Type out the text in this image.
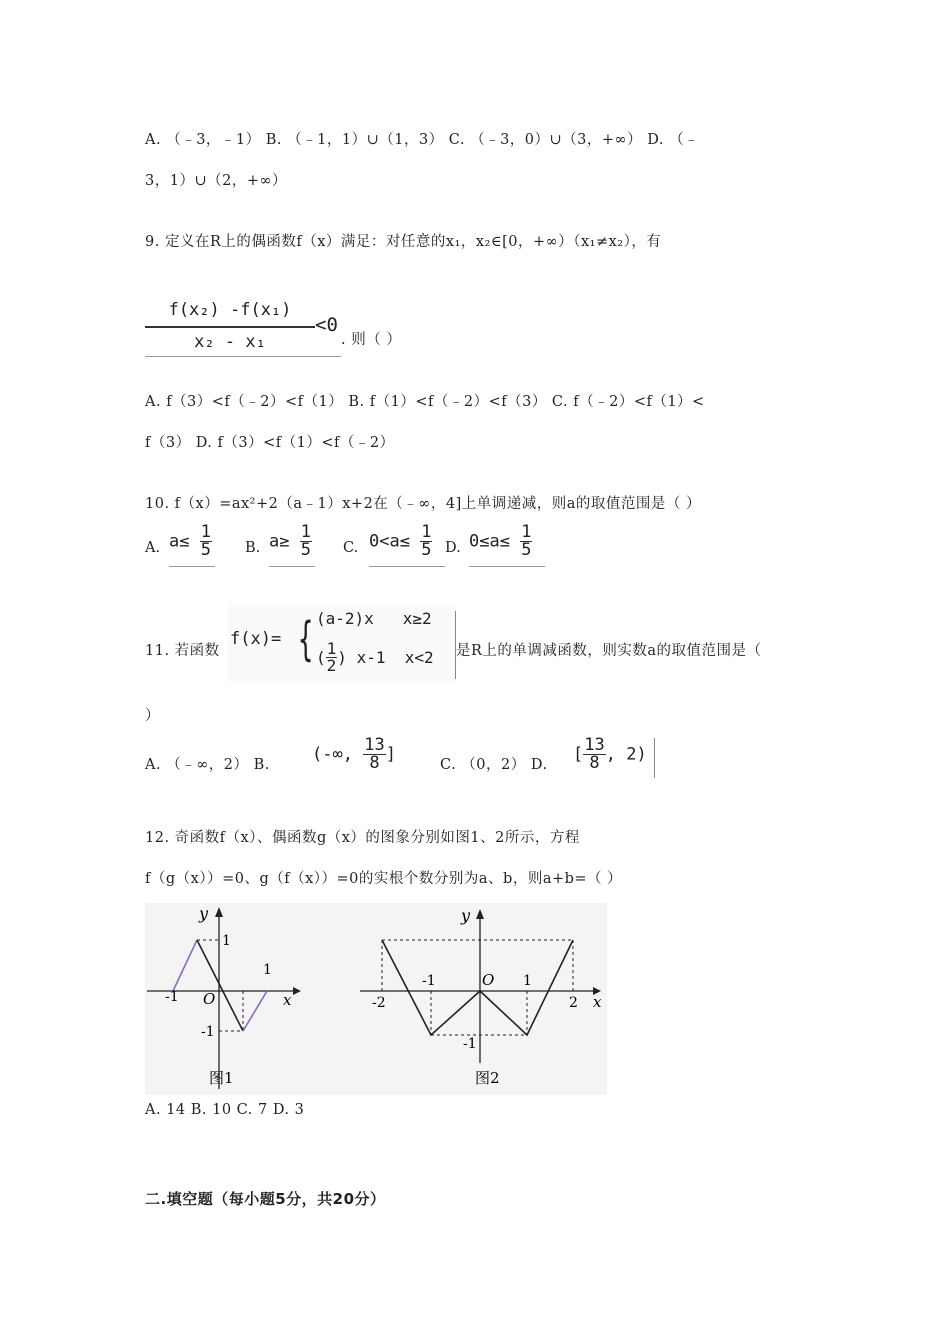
A. （﹣3，﹣1） B. （﹣1，1）∪（1，3） C. （﹣3，0）∪（3，+∞） D. （﹣
3，1）∪（2，+∞）
9. 定义在R上的偶函数f（x）满足：对任意的x₁，x₂∈[0，+∞）（x₁≠x₂），有
f(x₂) -f(x₁)
x₂ - x₁
<0
. 则（ ）
A. f（3）<f（﹣2）<f（1） B. f（1）<f（﹣2）<f（3） C. f（﹣2）<f（1）<
f（3） D. f（3）<f（1）<f（﹣2）
10. f（x）=ax²+2（a﹣1）x+2在（﹣∞，4]上单调递减，则a的取值范围是（ ）
A. $a\le \frac{1}{5} B$. $a\ge \frac{1}{5} C$. $0<a\le \frac{1}{5} D$. $0\le a\le \frac{1}{5}$
11. 若函数
f(x)= { (a-2)x   x≥2
( $\frac{1}{2}$ ) x-1  x<2 是R上的单调减函数，则实数a的取值范围是（
）
A. （﹣∞，2） B.
(-∞, $\frac{13}{8}$ ]
C. （0，2） D.
[ $\frac{13}{8}$ , 2)
12. 奇函数f（x）、偶函数g（x）的图象分别如图1、2所示，方程
f（g（x））=0、g（f（x））=0的实根个数分别为a、b，则a+b=（ ）
y
x
O
1
1
-1
-1
图1
y
x
O
-2
-1	1
2
-1
图2
A. 14 B. 10 C. 7 D. 3
二.填空题（每小题5分，共20分）
